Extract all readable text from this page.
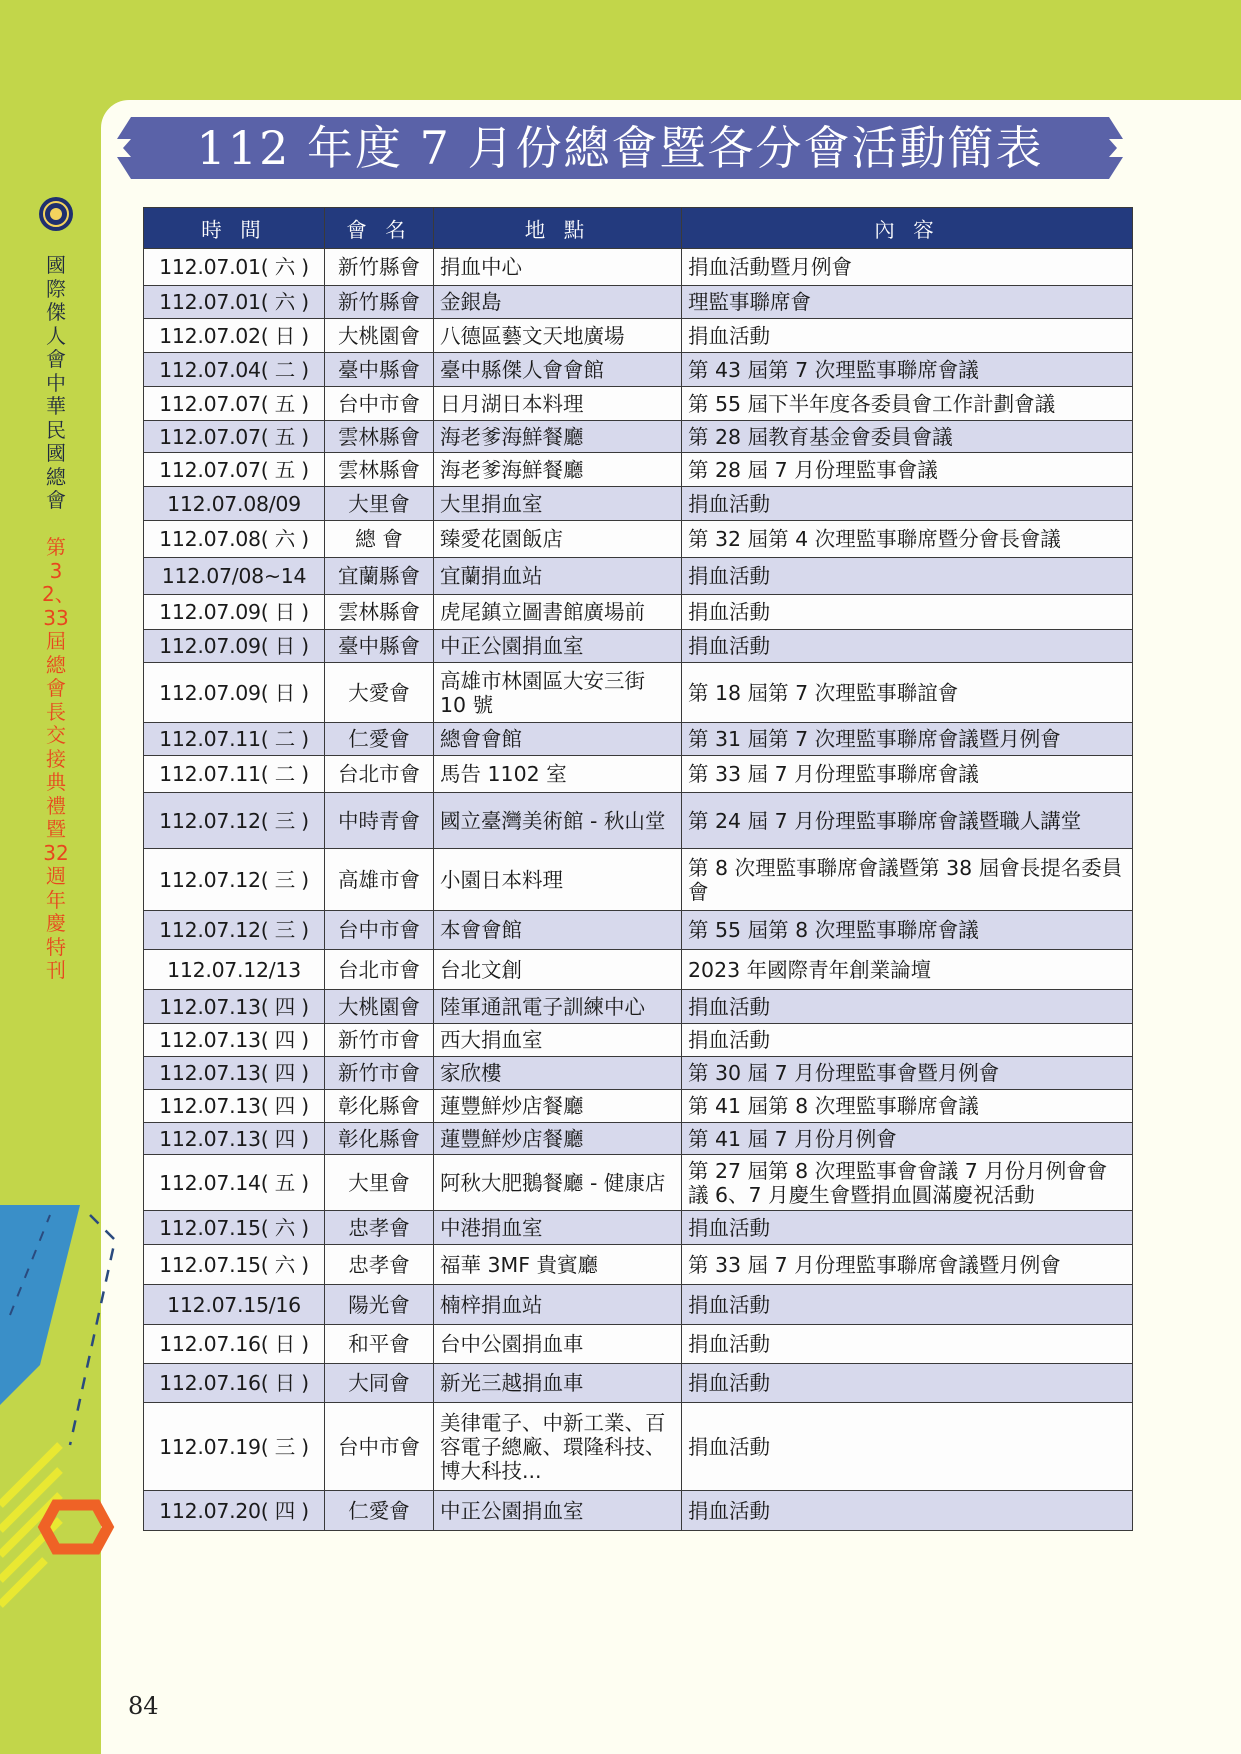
112 年度 7 月份總會暨各分會活動簡表
國際傑人會中華民國總會
第32、33屆總會長交接典禮暨32週年慶特刊
時 間	會 名	地 點	內 容
112.07.01( 六 )	新竹縣會	捐血中心	捐血活動暨月例會
112.07.01( 六 )	新竹縣會	金銀島	理監事聯席會
112.07.02( 日 )	大桃園會	八德區藝文天地廣場	捐血活動
112.07.04( 二 )	臺中縣會	臺中縣傑人會會館	第 43 屆第 7 次理監事聯席會議
112.07.07( 五 )	台中市會	日月湖日本料理	第 55 屆下半年度各委員會工作計劃會議
112.07.07( 五 )	雲林縣會	海老爹海鮮餐廳	第 28 屆教育基金會委員會議
112.07.07( 五 )	雲林縣會	海老爹海鮮餐廳	第 28 屆 7 月份理監事會議
112.07.08/09	大里會	大里捐血室	捐血活動
112.07.08( 六 )	總 會	臻愛花園飯店	第 32 屆第 4 次理監事聯席暨分會長會議
112.07/08~14	宜蘭縣會	宜蘭捐血站	捐血活動
112.07.09( 日 )	雲林縣會	虎尾鎮立圖書館廣場前	捐血活動
112.07.09( 日 )	臺中縣會	中正公園捐血室	捐血活動
112.07.09( 日 )	大愛會	高雄市林園區大安三街 10 號	第 18 屆第 7 次理監事聯誼會
112.07.11( 二 )	仁愛會	總會會館	第 31 屆第 7 次理監事聯席會議暨月例會
112.07.11( 二 )	台北市會	馬告 1102 室	第 33 屆 7 月份理監事聯席會議
112.07.12( 三 )	中時青會	國立臺灣美術館 - 秋山堂	第 24 屆 7 月份理監事聯席會議暨職人講堂
112.07.12( 三 )	高雄市會	小園日本料理	第 8 次理監事聯席會議暨第 38 屆會長提名委員會
112.07.12( 三 )	台中市會	本會會館	第 55 屆第 8 次理監事聯席會議
112.07.12/13	台北市會	台北文創	2023 年國際青年創業論壇
112.07.13( 四 )	大桃園會	陸軍通訊電子訓練中心	捐血活動
112.07.13( 四 )	新竹市會	西大捐血室	捐血活動
112.07.13( 四 )	新竹市會	家欣樓	第 30 屆 7 月份理監事會暨月例會
112.07.13( 四 )	彰化縣會	蓮豐鮮炒店餐廳	第 41 屆第 8 次理監事聯席會議
112.07.13( 四 )	彰化縣會	蓮豐鮮炒店餐廳	第 41 屆 7 月份月例會
112.07.14( 五 )	大里會	阿秋大肥鵝餐廳 - 健康店	第 27 屆第 8 次理監事會會議 7 月份月例會會議 6、7 月慶生會暨捐血圓滿慶祝活動
112.07.15( 六 )	忠孝會	中港捐血室	捐血活動
112.07.15( 六 )	忠孝會	福華 3MF 貴賓廳	第 33 屆 7 月份理監事聯席會議暨月例會
112.07.15/16	陽光會	楠梓捐血站	捐血活動
112.07.16( 日 )	和平會	台中公園捐血車	捐血活動
112.07.16( 日 )	大同會	新光三越捐血車	捐血活動
112.07.19( 三 )	台中市會	美律電子、中新工業、百容電子總廠、環隆科技、博大科技...	捐血活動
112.07.20( 四 )	仁愛會	中正公園捐血室	捐血活動
84
